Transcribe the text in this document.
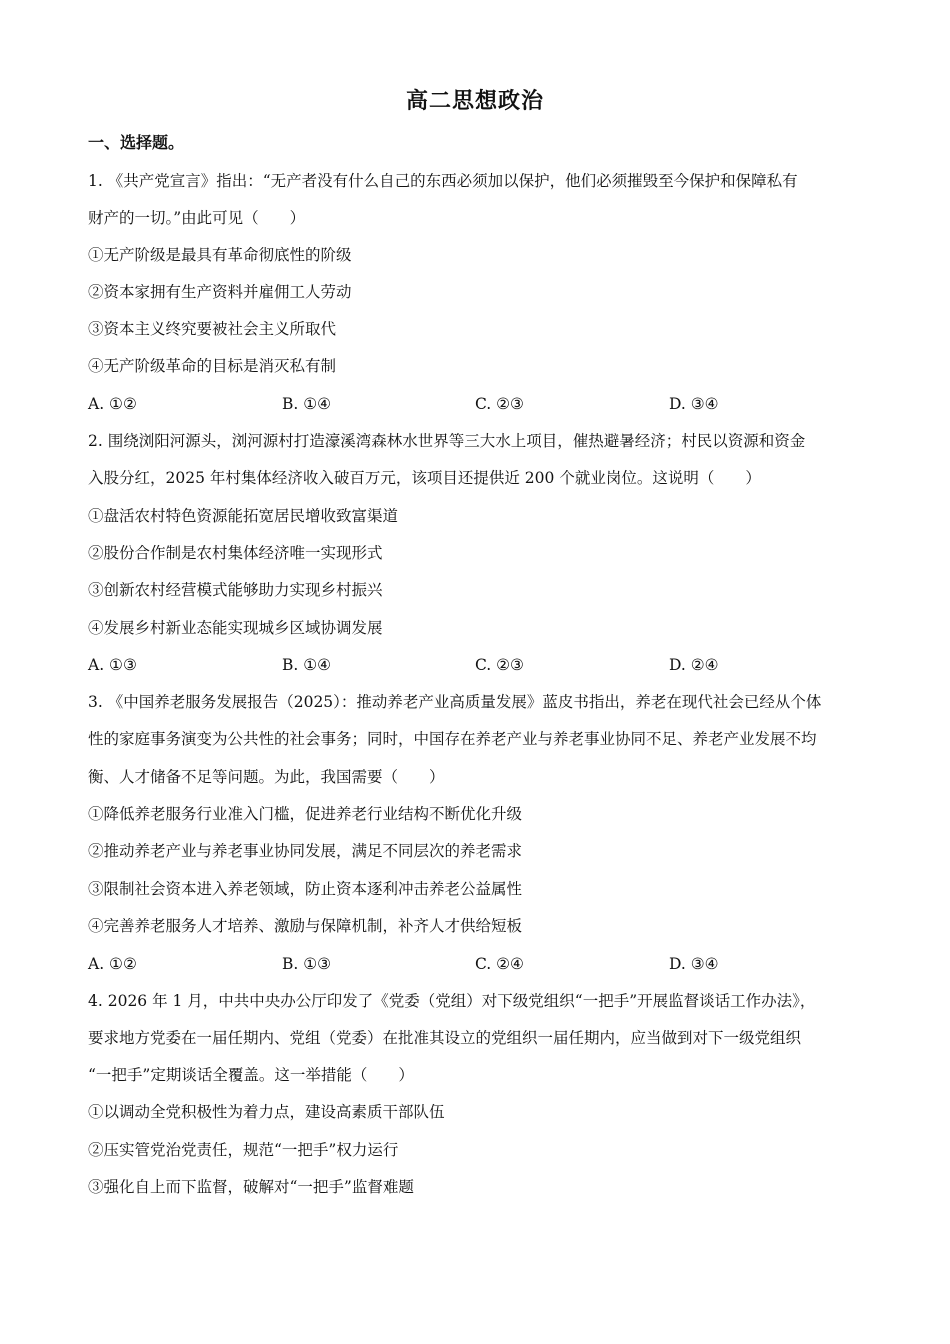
高二思想政治
一、选择题。
1. 《共产党宣言》指出：“无产者没有什么自己的东西必须加以保护，他们必须摧毁至今保护和保障私有
财产的一切。”由此可见（　　）
①无产阶级是最具有革命彻底性的阶级
②资本家拥有生产资料并雇佣工人劳动
③资本主义终究要被社会主义所取代
④无产阶级革命的目标是消灭私有制
A. ①②	B. ①④	C. ②③	D. ③④
2. 围绕浏阳河源头，浏河源村打造濠溪湾森林水世界等三大水上项目，催热避暑经济；村民以资源和资金
入股分红，2025 年村集体经济收入破百万元，该项目还提供近 200 个就业岗位。这说明（　　）
①盘活农村特色资源能拓宽居民增收致富渠道
②股份合作制是农村集体经济唯一实现形式
③创新农村经营模式能够助力实现乡村振兴
④发展乡村新业态能实现城乡区域协调发展
A. ①③	B. ①④	C. ②③	D. ②④
3. 《中国养老服务发展报告（2025）：推动养老产业高质量发展》蓝皮书指出，养老在现代社会已经从个体
性的家庭事务演变为公共性的社会事务；同时，中国存在养老产业与养老事业协同不足、养老产业发展不均
衡、人才储备不足等问题。为此，我国需要（　　）
①降低养老服务行业准入门槛，促进养老行业结构不断优化升级
②推动养老产业与养老事业协同发展，满足不同层次的养老需求
③限制社会资本进入养老领域，防止资本逐利冲击养老公益属性
④完善养老服务人才培养、激励与保障机制，补齐人才供给短板
A. ①②	B. ①③	C. ②④	D. ③④
4. 2026 年 1 月，中共中央办公厅印发了《党委（党组）对下级党组织“一把手”开展监督谈话工作办法》，
要求地方党委在一届任期内、党组（党委）在批准其设立的党组织一届任期内，应当做到对下一级党组织
“一把手”定期谈话全覆盖。这一举措能（　　）
①以调动全党积极性为着力点，建设高素质干部队伍
②压实管党治党责任，规范“一把手”权力运行
③强化自上而下监督，破解对“一把手”监督难题
